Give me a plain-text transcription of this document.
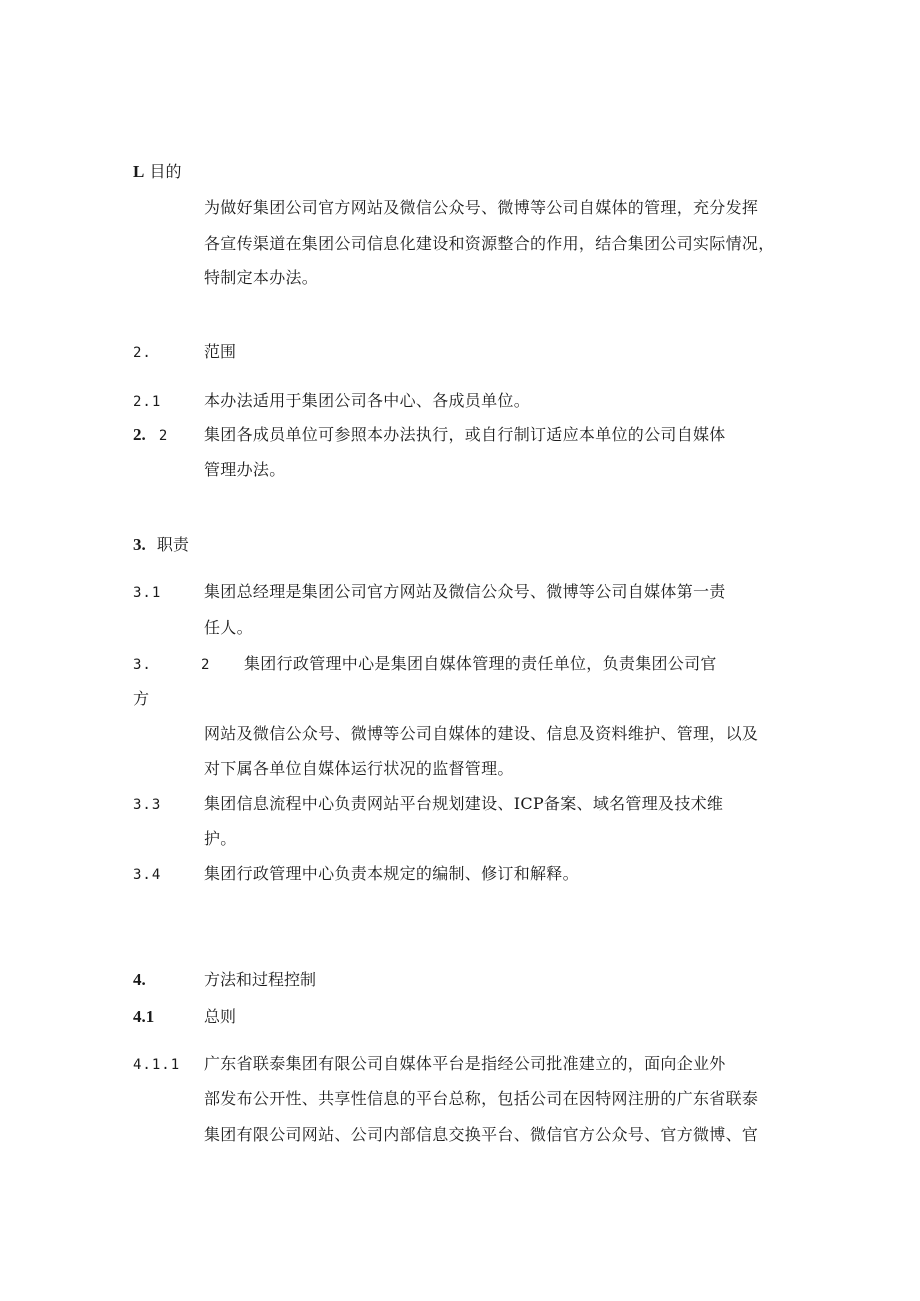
L 目的
为做好集团公司官方网站及微信公众号、微博等公司自媒体的管理，充分发挥
各宣传渠道在集团公司信息化建设和资源整合的作用，结合集团公司实际情况，
特制定本办法。
2.	范围
2.1	本办法适用于集团公司各中心、各成员单位。
2. 2 集团各成员单位可参照本办法执行，或自行制订适应本单位的公司自媒体
管理办法。
3. 职责
3.1	集团总经理是集团公司官方网站及微信公众号、微博等公司自媒体第一责
任人。
3.	2 集团行政管理中心是集团自媒体管理的责任单位，负责集团公司官
方
网站及微信公众号、微博等公司自媒体的建设、信息及资料维护、管理，以及
对下属各单位自媒体运行状况的监督管理。
3.3	集团信息流程中心负责网站平台规划建设、ICP备案、域名管理及技术维
护。
3.4	集团行政管理中心负责本规定的编制、修订和解释。
4.	方法和过程控制
4.1	总则
4.1.1 广东省联泰集团有限公司自媒体平台是指经公司批准建立的，面向企业外
部发布公开性、共享性信息的平台总称，包括公司在因特网注册的广东省联泰
集团有限公司网站、公司内部信息交换平台、微信官方公众号、官方微博、官
